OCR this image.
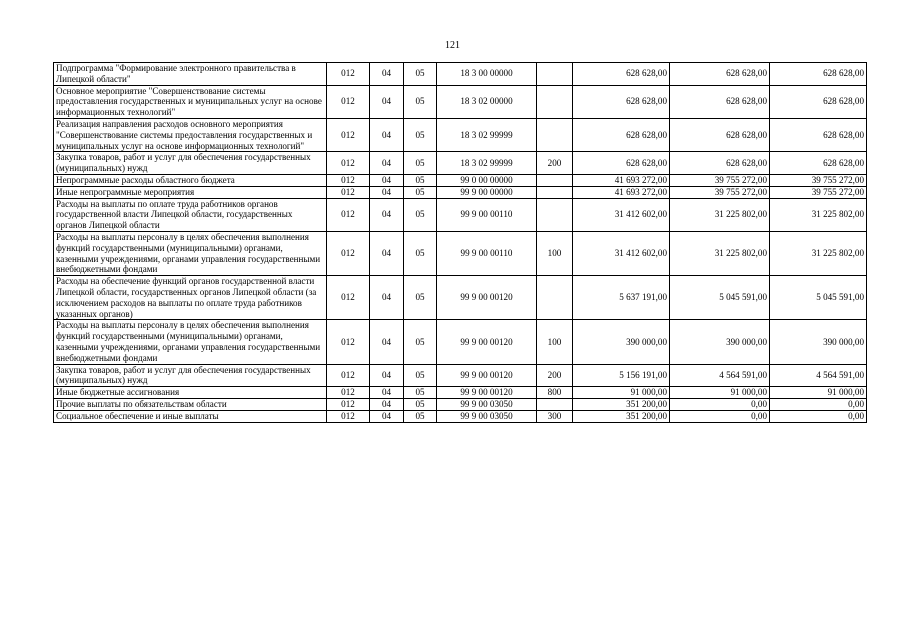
121
Подпрограмма "Формирование электронного правительства в Липецкой области"	012	04	05	18 3 00 00000		628 628,00	628 628,00	628 628,00
Основное мероприятие "Совершенствование системы предоставления государственных и муниципальных услуг на основе информационных технологий"	012	04	05	18 3 02 00000		628 628,00	628 628,00	628 628,00
Реализация направления расходов основного мероприятия "Совершенствование системы предоставления государственных и муниципальных услуг на основе информационных технологий"	012	04	05	18 3 02 99999		628 628,00	628 628,00	628 628,00
Закупка товаров, работ и услуг для обеспечения государственных (муниципальных) нужд	012	04	05	18 3 02 99999	200	628 628,00	628 628,00	628 628,00
Непрограммные расходы областного бюджета	012	04	05	99 0 00 00000		41 693 272,00	39 755 272,00	39 755 272,00
Иные непрограммные мероприятия	012	04	05	99 9 00 00000		41 693 272,00	39 755 272,00	39 755 272,00
Расходы на выплаты по оплате труда работников органов государственной власти Липецкой области, государственных органов Липецкой области	012	04	05	99 9 00 00110		31 412 602,00	31 225 802,00	31 225 802,00
Расходы на выплаты персоналу в целях обеспечения выполнения функций государственными (муниципальными) органами, казенными учреждениями, органами управления государственными внебюджетными фондами	012	04	05	99 9 00 00110	100	31 412 602,00	31 225 802,00	31 225 802,00
Расходы на обеспечение функций органов государственной власти Липецкой области, государственных органов Липецкой области (за исключением расходов на выплаты по оплате труда работников указанных органов)	012	04	05	99 9 00 00120		5 637 191,00	5 045 591,00	5 045 591,00
Расходы на выплаты персоналу в целях обеспечения выполнения функций государственными (муниципальными) органами, казенными учреждениями, органами управления государственными внебюджетными фондами	012	04	05	99 9 00 00120	100	390 000,00	390 000,00	390 000,00
Закупка товаров, работ и услуг для обеспечения государственных (муниципальных) нужд	012	04	05	99 9 00 00120	200	5 156 191,00	4 564 591,00	4 564 591,00
Иные бюджетные ассигнования	012	04	05	99 9 00 00120	800	91 000,00	91 000,00	91 000,00
Прочие выплаты по обязательствам области	012	04	05	99 9 00 03050		351 200,00	0,00	0,00
Социальное обеспечение и иные выплаты	012	04	05	99 9 00 03050	300	351 200,00	0,00	0,00
